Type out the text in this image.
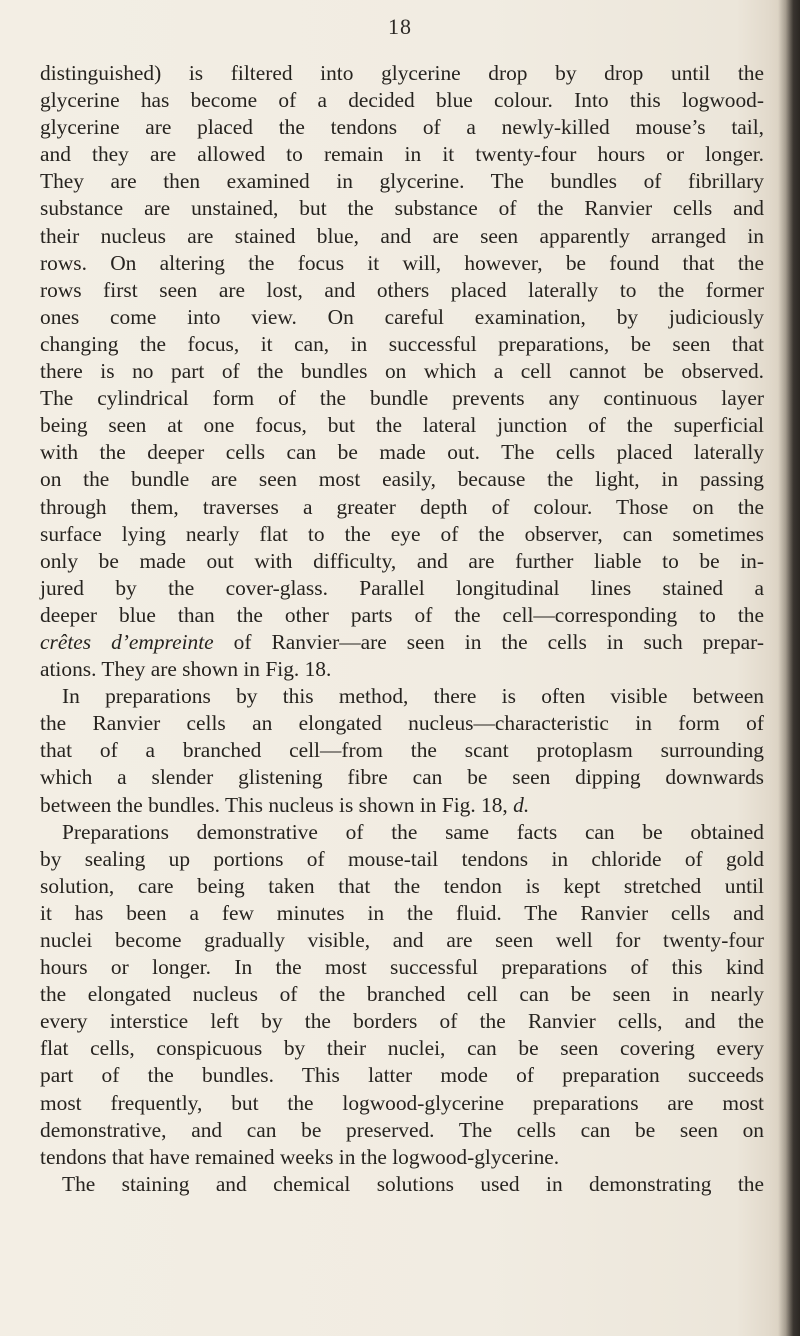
18
distinguished) is filtered into glycerine drop by drop until the
glycerine has become of a decided blue colour. Into this logwood-
glycerine are placed the tendons of a newly-killed mouse’s tail,
and they are allowed to remain in it twenty-four hours or longer.
They are then examined in glycerine. The bundles of fibrillary
substance are unstained, but the substance of the Ranvier cells and
their nucleus are stained blue, and are seen apparently arranged in
rows. On altering the focus it will, however, be found that the
rows first seen are lost, and others placed laterally to the former
ones come into view. On careful examination, by judiciously
changing the focus, it can, in successful preparations, be seen that
there is no part of the bundles on which a cell cannot be observed.
The cylindrical form of the bundle prevents any continuous layer
being seen at one focus, but the lateral junction of the superficial
with the deeper cells can be made out. The cells placed laterally
on the bundle are seen most easily, because the light, in passing
through them, traverses a greater depth of colour. Those on the
surface lying nearly flat to the eye of the observer, can sometimes
only be made out with difficulty, and are further liable to be in-
jured by the cover-glass. Parallel longitudinal lines stained a
deeper blue than the other parts of the cell—corresponding to the
crêtes d’empreinte of Ranvier—are seen in the cells in such prepar-
ations. They are shown in Fig. 18.
In preparations by this method, there is often visible between
the Ranvier cells an elongated nucleus—characteristic in form of
that of a branched cell—from the scant protoplasm surrounding
which a slender glistening fibre can be seen dipping downwards
between the bundles. This nucleus is shown in Fig. 18, d.
Preparations demonstrative of the same facts can be obtained
by sealing up portions of mouse-tail tendons in chloride of gold
solution, care being taken that the tendon is kept stretched until
it has been a few minutes in the fluid. The Ranvier cells and
nuclei become gradually visible, and are seen well for twenty-four
hours or longer. In the most successful preparations of this kind
the elongated nucleus of the branched cell can be seen in nearly
every interstice left by the borders of the Ranvier cells, and the
flat cells, conspicuous by their nuclei, can be seen covering every
part of the bundles. This latter mode of preparation succeeds
most frequently, but the logwood-glycerine preparations are most
demonstrative, and can be preserved. The cells can be seen on
tendons that have remained weeks in the logwood-glycerine.
The staining and chemical solutions used in demonstrating the
